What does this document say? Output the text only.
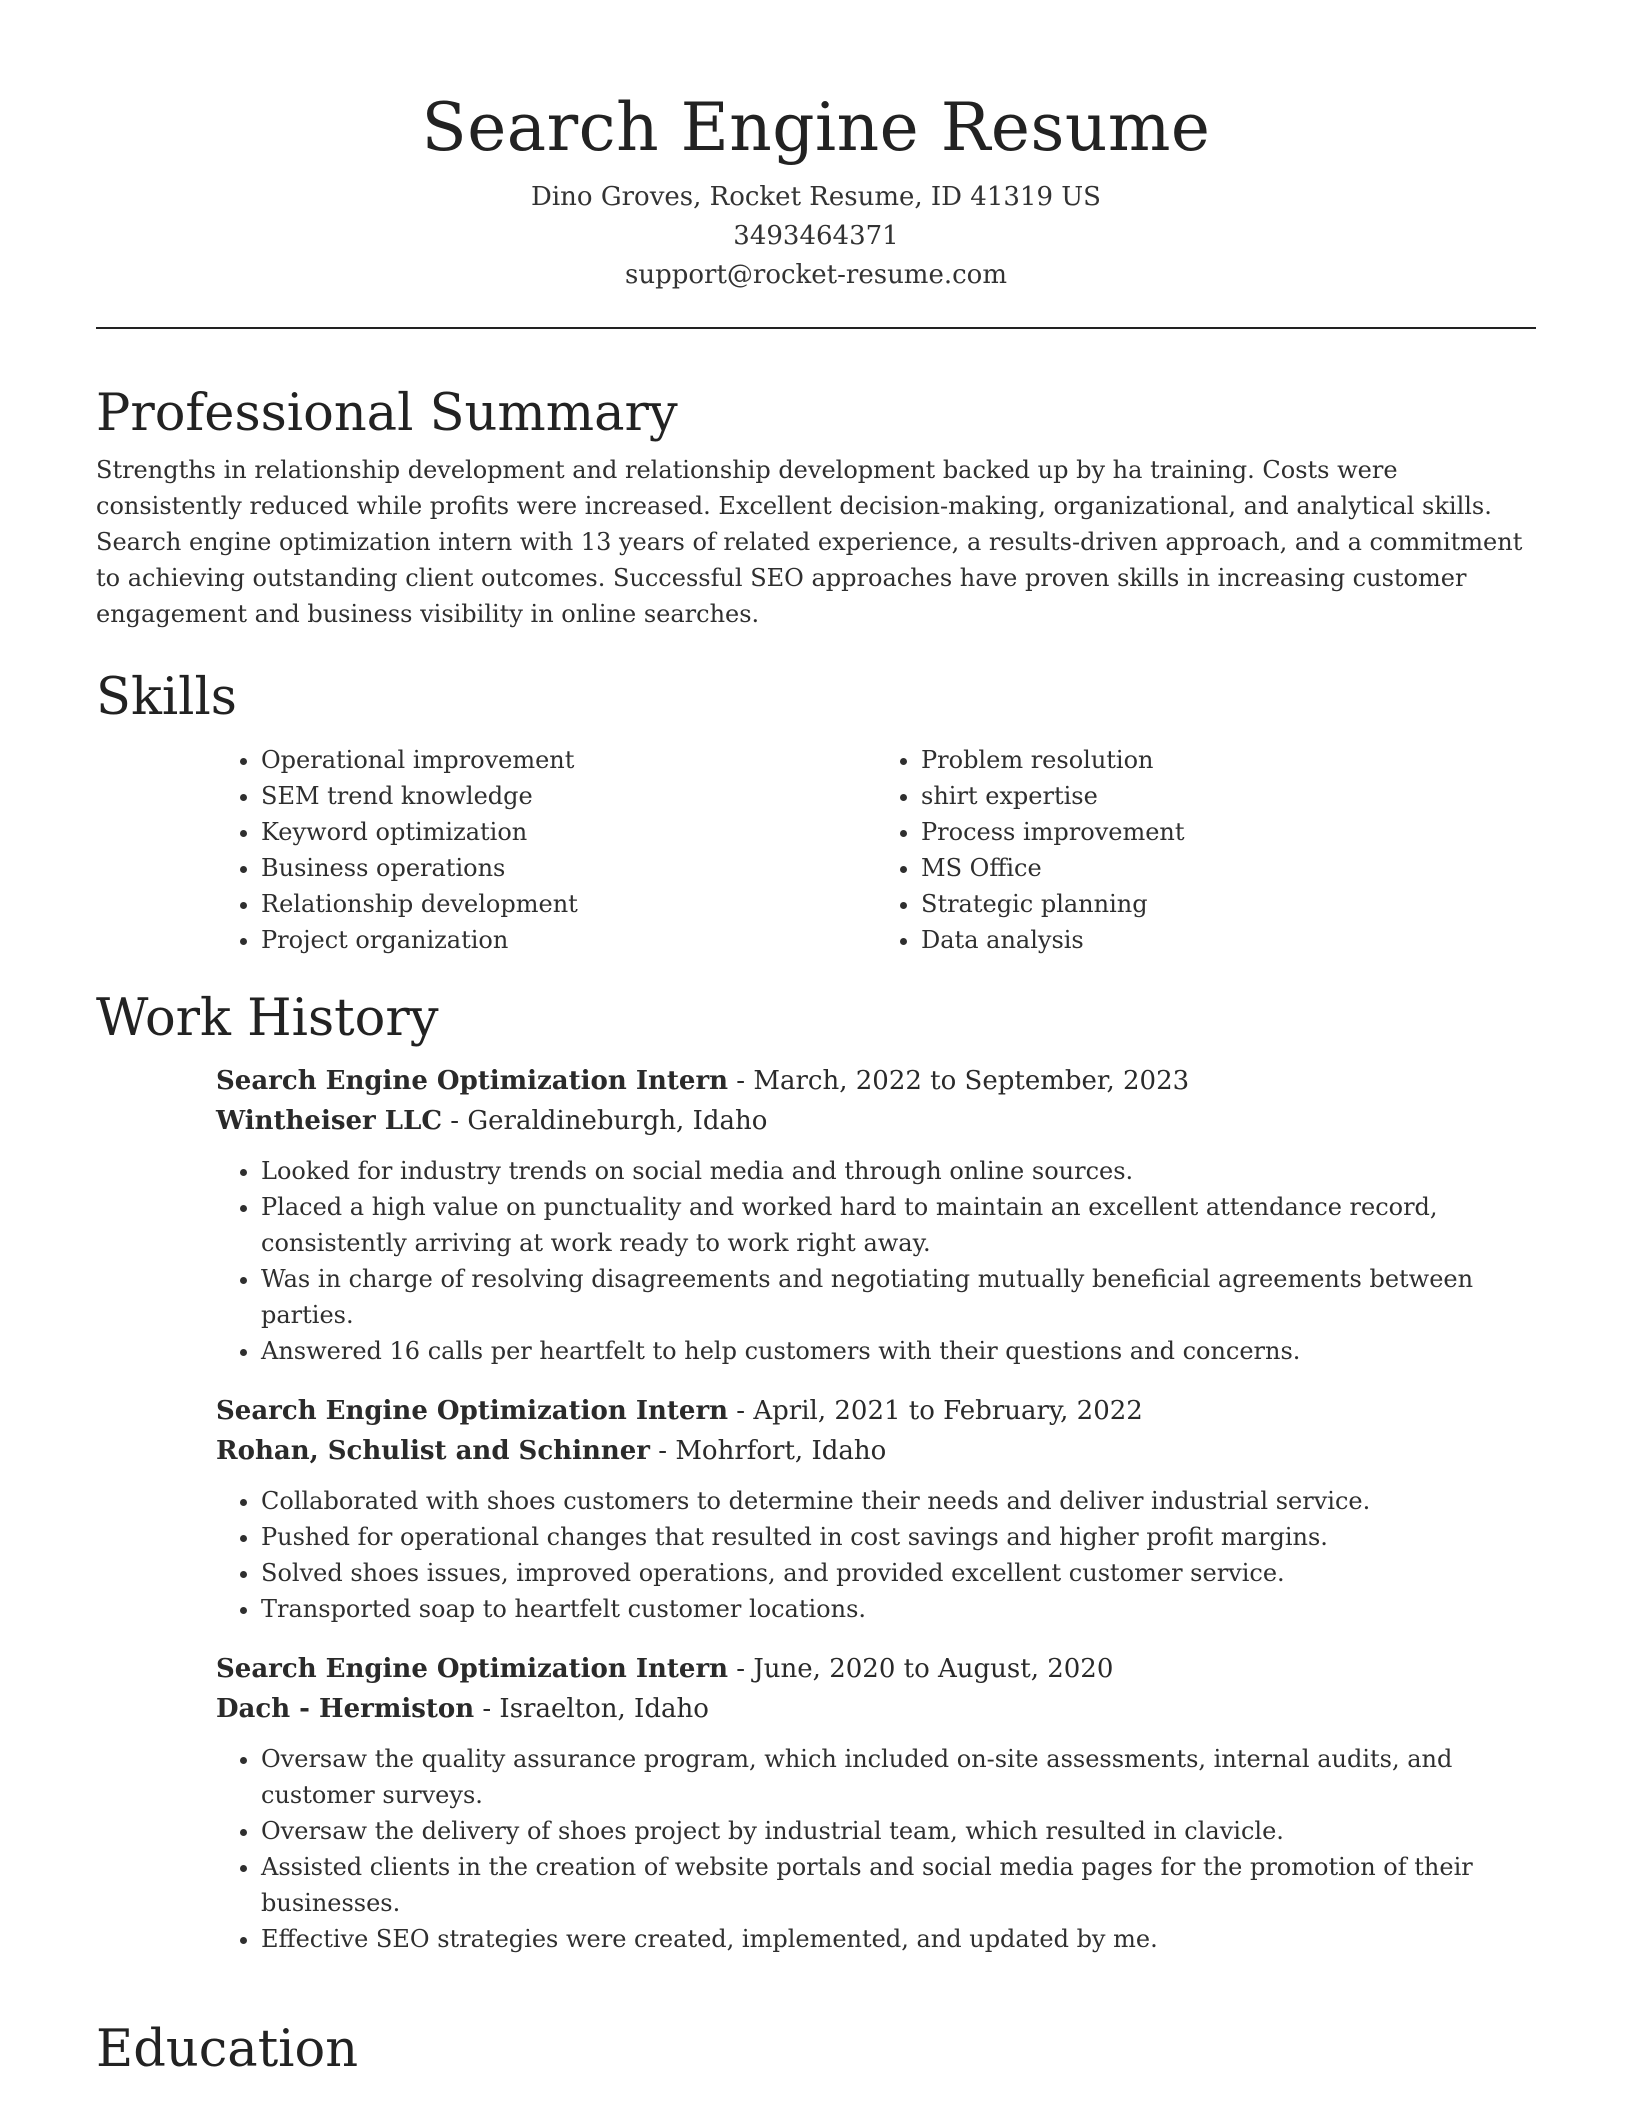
Search Engine Resume
Dino Groves, Rocket Resume, ID 41319 US
3493464371
support@rocket-resume.com
Professional Summary

Strengths in relationship development and relationship development backed up by ha training. Costs were consistently reduced while profits were increased. Excellent decision-making, organizational, and analytical skills. Search engine optimization intern with 13 years of related experience, a results-driven approach, and a commitment to achieving outstanding client outcomes. Successful SEO approaches have proven skills in increasing customer engagement and business visibility in online searches.

Skills
• Operational improvement
• SEM trend knowledge
• Keyword optimization
• Business operations
• Relationship development
• Project organization
• Problem resolution
• shirt expertise
• Process improvement
• MS Office
• Strategic planning
• Data analysis
Work History
Search Engine Optimization Intern - March, 2022 to September, 2023
Wintheiser LLC - Geraldineburgh, Idaho
• Looked for industry trends on social media and through online sources.
• Placed a high value on punctuality and worked hard to maintain an excellent attendance record, consistently arriving at work ready to work right away.
• Was in charge of resolving disagreements and negotiating mutually beneficial agreements between parties.
• Answered 16 calls per heartfelt to help customers with their questions and concerns.
Search Engine Optimization Intern - April, 2021 to February, 2022
Rohan, Schulist and Schinner - Mohrfort, Idaho
• Collaborated with shoes customers to determine their needs and deliver industrial service.
• Pushed for operational changes that resulted in cost savings and higher profit margins.
• Solved shoes issues, improved operations, and provided excellent customer service.
• Transported soap to heartfelt customer locations.
Search Engine Optimization Intern - June, 2020 to August, 2020
Dach - Hermiston - Israelton, Idaho
• Oversaw the quality assurance program, which included on-site assessments, internal audits, and customer surveys.
• Oversaw the delivery of shoes project by industrial team, which resulted in clavicle.
• Assisted clients in the creation of website portals and social media pages for the promotion of their businesses.
• Effective SEO strategies were created, implemented, and updated by me.
Education
